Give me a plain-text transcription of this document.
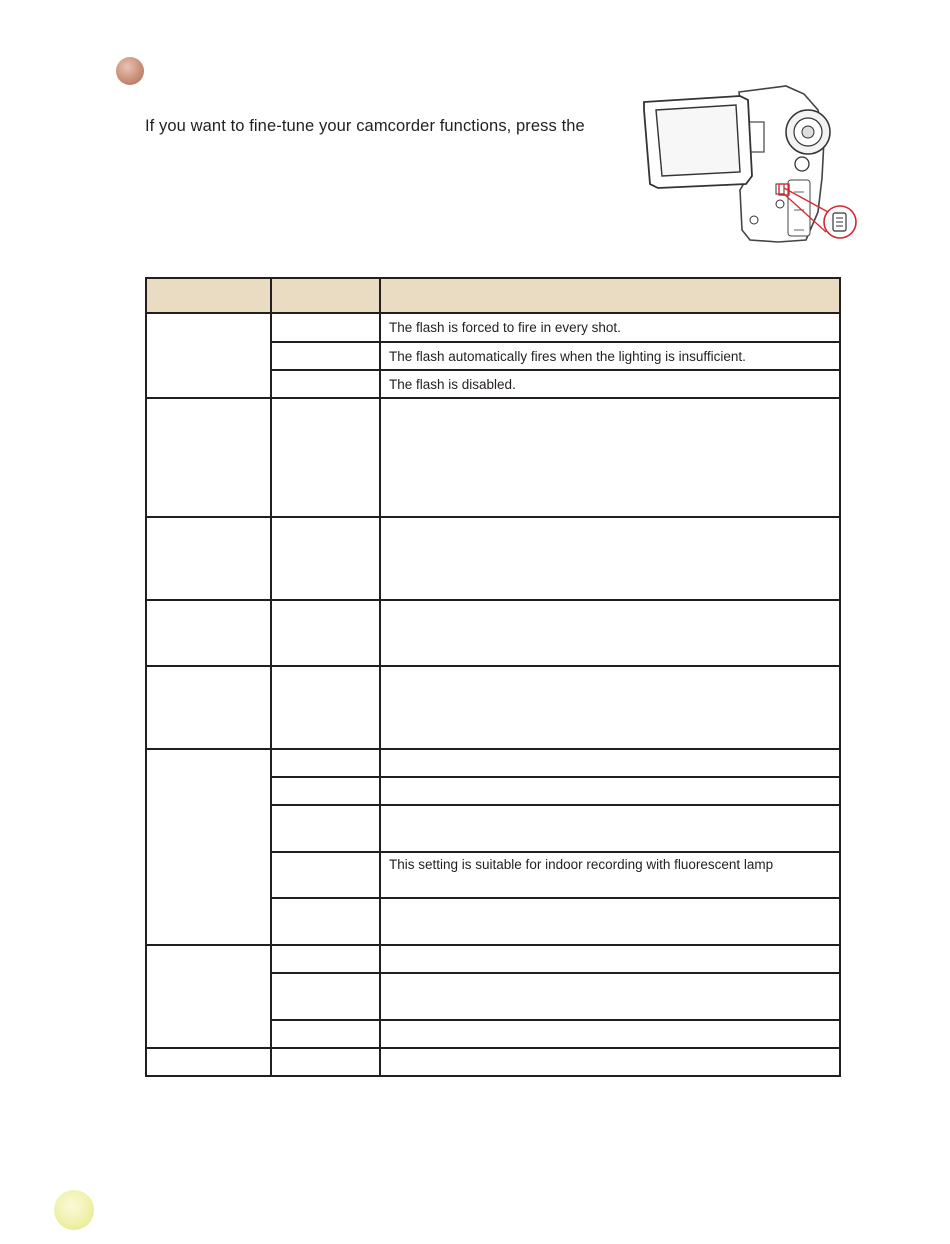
If you want to fine-tune your camcorder functions, press the

		The flash is forced to fire in every shot.
		The flash automatically fires when the lighting is insufficient.
		The flash is disabled.

		This setting is suitable for indoor recording with fluorescent lamp
